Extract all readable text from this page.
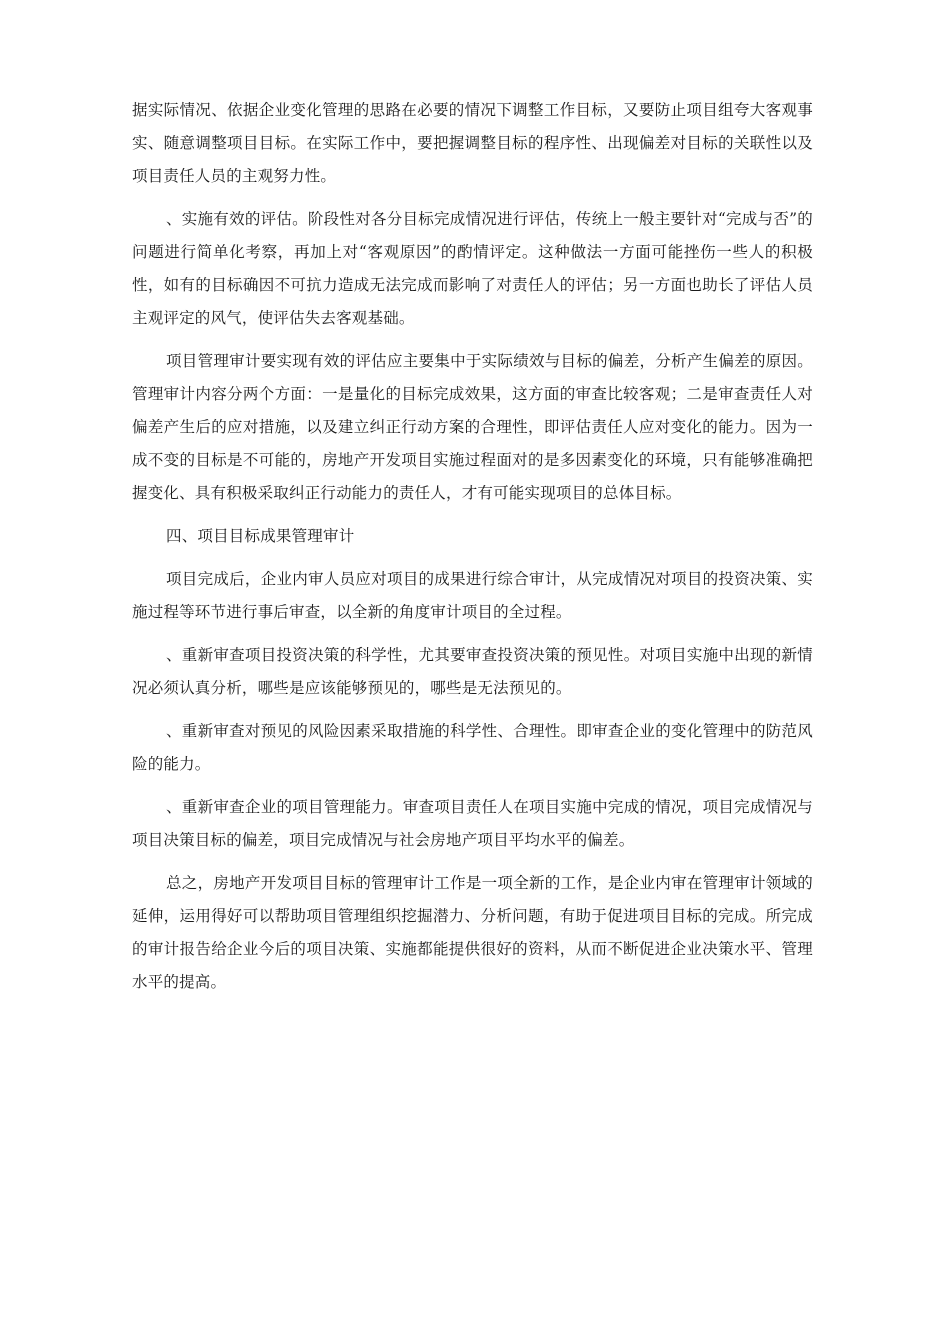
据实际情况、依据企业变化管理的思路在必要的情况下调整工作目标，又要防止项目组夸大客观事实、随意调整项目目标。在实际工作中，要把握调整目标的程序性、出现偏差对目标的关联性以及项目责任人员的主观努力性。

、实施有效的评估。阶段性对各分目标完成情况进行评估，传统上一般主要针对“完成与否”的问题进行简单化考察，再加上对“客观原因”的酌情评定。这种做法一方面可能挫伤一些人的积极性，如有的目标确因不可抗力造成无法完成而影响了对责任人的评估；另一方面也助长了评估人员主观评定的风气，使评估失去客观基础。

项目管理审计要实现有效的评估应主要集中于实际绩效与目标的偏差，分析产生偏差的原因。管理审计内容分两个方面：一是量化的目标完成效果，这方面的审查比较客观；二是审查责任人对偏差产生后的应对措施，以及建立纠正行动方案的合理性，即评估责任人应对变化的能力。因为一成不变的目标是不可能的，房地产开发项目实施过程面对的是多因素变化的环境，只有能够准确把握变化、具有积极采取纠正行动能力的责任人，才有可能实现项目的总体目标。

四、项目目标成果管理审计

项目完成后，企业内审人员应对项目的成果进行综合审计，从完成情况对项目的投资决策、实施过程等环节进行事后审查，以全新的角度审计项目的全过程。

、重新审查项目投资决策的科学性，尤其要审查投资决策的预见性。对项目实施中出现的新情况必须认真分析，哪些是应该能够预见的，哪些是无法预见的。

、重新审查对预见的风险因素采取措施的科学性、合理性。即审查企业的变化管理中的防范风险的能力。

、重新审查企业的项目管理能力。审查项目责任人在项目实施中完成的情况，项目完成情况与项目决策目标的偏差，项目完成情况与社会房地产项目平均水平的偏差。

总之，房地产开发项目目标的管理审计工作是一项全新的工作，是企业内审在管理审计领域的延伸，运用得好可以帮助项目管理组织挖掘潜力、分析问题，有助于促进项目目标的完成。所完成的审计报告给企业今后的项目决策、实施都能提供很好的资料，从而不断促进企业决策水平、管理水平的提高。
